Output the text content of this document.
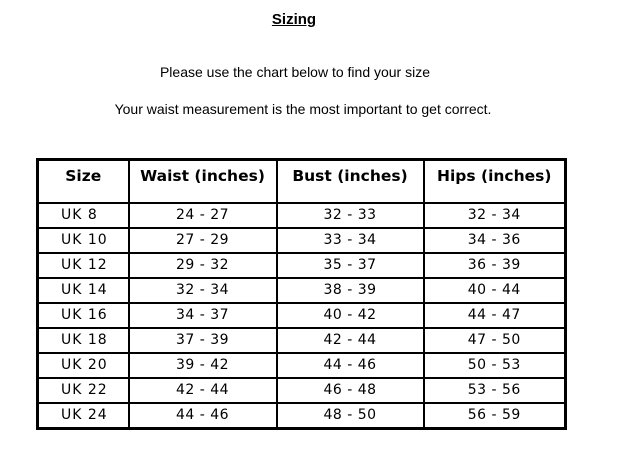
Sizing
Please use the chart below to find your size
Your waist measurement is the most important to get correct.
Size	Waist (inches)	Bust (inches)	Hips (inches)
UK 8	24 - 27	32 - 33	32 - 34
UK 10	27 - 29	33 - 34	34 - 36
UK 12	29 - 32	35 - 37	36 - 39
UK 14	32 - 34	38 - 39	40 - 44
UK 16	34 - 37	40 - 42	44 - 47
UK 18	37 - 39	42 - 44	47 - 50
UK 20	39 - 42	44 - 46	50 - 53
UK 22	42 - 44	46 - 48	53 - 56
UK 24	44 - 46	48 - 50	56 - 59
